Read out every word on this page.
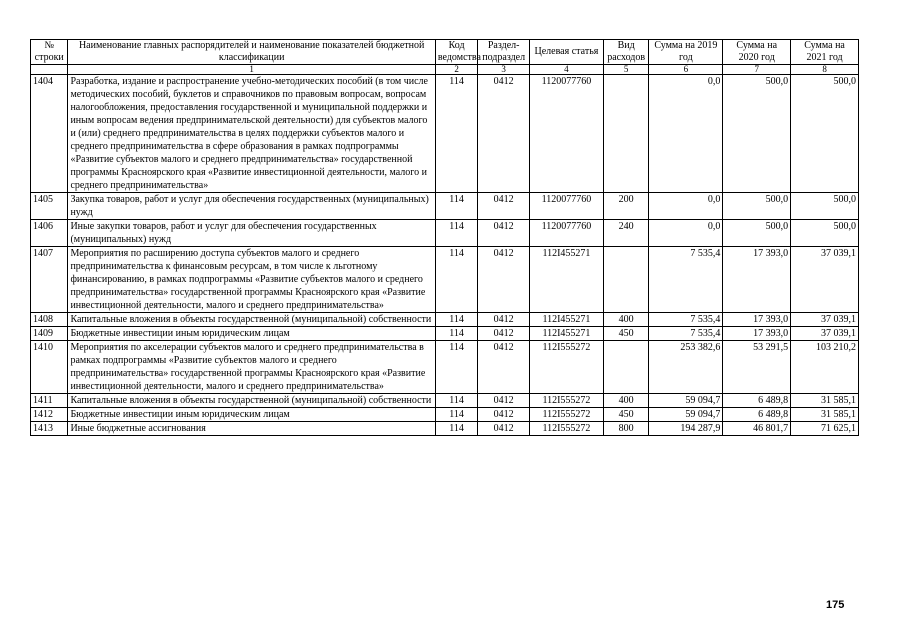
№ строки	Наименование главных распорядителей и наименование показателей бюджетной классификации	Код ведомства	Раздел-подраздел	Целевая статья	Вид расходов	Сумма на 2019 год	Сумма на 2020 год	Сумма на 2021 год
	1	2	3	4	5	6	7	8
1404	Разработка, издание и распространение учебно-методических пособий (в том числе методических пособий, буклетов и справочников по правовым вопросам, вопросам налогообложения, предоставления государственной и муниципальной поддержки и иным вопросам ведения предпринимательской деятельности) для субъектов малого и (или) среднего предпринимательства в целях поддержки субъектов малого и среднего предпринимательства в сфере образования в рамках подпрограммы «Развитие субъектов малого и среднего предпринимательства» государственной программы Красноярского края «Развитие инвестиционной деятельности, малого и среднего предпринимательства»	114	0412	1120077760		0,0	500,0	500,0
1405	Закупка товаров, работ и услуг для обеспечения государственных (муниципальных) нужд	114	0412	1120077760	200	0,0	500,0	500,0
1406	Иные закупки товаров, работ и услуг для обеспечения государственных (муниципальных) нужд	114	0412	1120077760	240	0,0	500,0	500,0
1407	Мероприятия по расширению доступа субъектов малого и среднего предпринимательства к финансовым ресурсам, в том числе к льготному финансированию, в рамках подпрограммы «Развитие субъектов малого и среднего предпринимательства» государственной программы Красноярского края «Развитие инвестиционной деятельности, малого и среднего предпринимательства»	114	0412	112I455271		7 535,4	17 393,0	37 039,1
1408	Капитальные вложения в объекты государственной (муниципальной) собственности	114	0412	112I455271	400	7 535,4	17 393,0	37 039,1
1409	Бюджетные инвестиции иным юридическим лицам	114	0412	112I455271	450	7 535,4	17 393,0	37 039,1
1410	Мероприятия по акселерации субъектов малого и среднего предпринимательства в рамках подпрограммы «Развитие субъектов малого и среднего предпринимательства» государственной программы Красноярского края «Развитие инвестиционной деятельности, малого и среднего предпринимательства»	114	0412	112I555272		253 382,6	53 291,5	103 210,2
1411	Капитальные вложения в объекты государственной (муниципальной) собственности	114	0412	112I555272	400	59 094,7	6 489,8	31 585,1
1412	Бюджетные инвестиции иным юридическим лицам	114	0412	112I555272	450	59 094,7	6 489,8	31 585,1
1413	Иные бюджетные ассигнования	114	0412	112I555272	800	194 287,9	46 801,7	71 625,1
175
